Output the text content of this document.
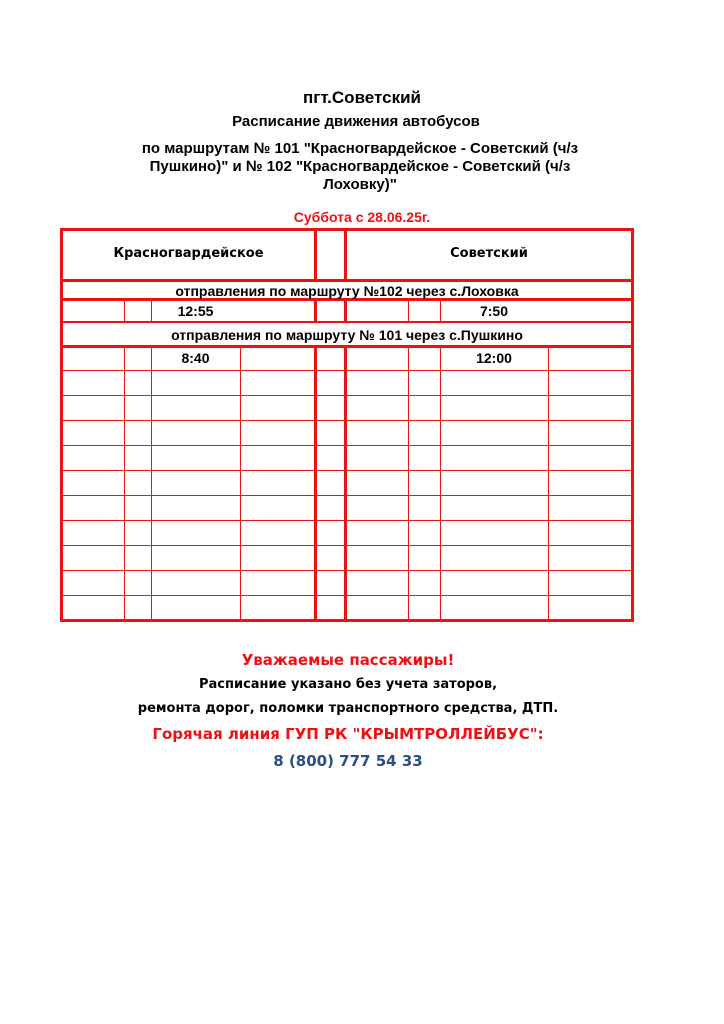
пгт.Советский
Расписание движения автобусов
по маршрутам № 101 "Красногвардейское - Советский (ч/з
Пушкино)" и № 102 "Красногвардейское - Советский (ч/з
Лоховку)"
Суббота с 28.06.25г.
Красногвардейское	Советский
отправления по маршруту №102 через с.Лоховка
12:55	7:50
отправления по маршруту № 101 через с.Пушкино
8:40	12:00
Уважаемые пассажиры!
Расписание указано без учета заторов,
ремонта дорог, поломки транспортного средства, ДТП.
Горячая линия ГУП РК "КРЫМТРОЛЛЕЙБУС":
8 (800) 777 54 33
